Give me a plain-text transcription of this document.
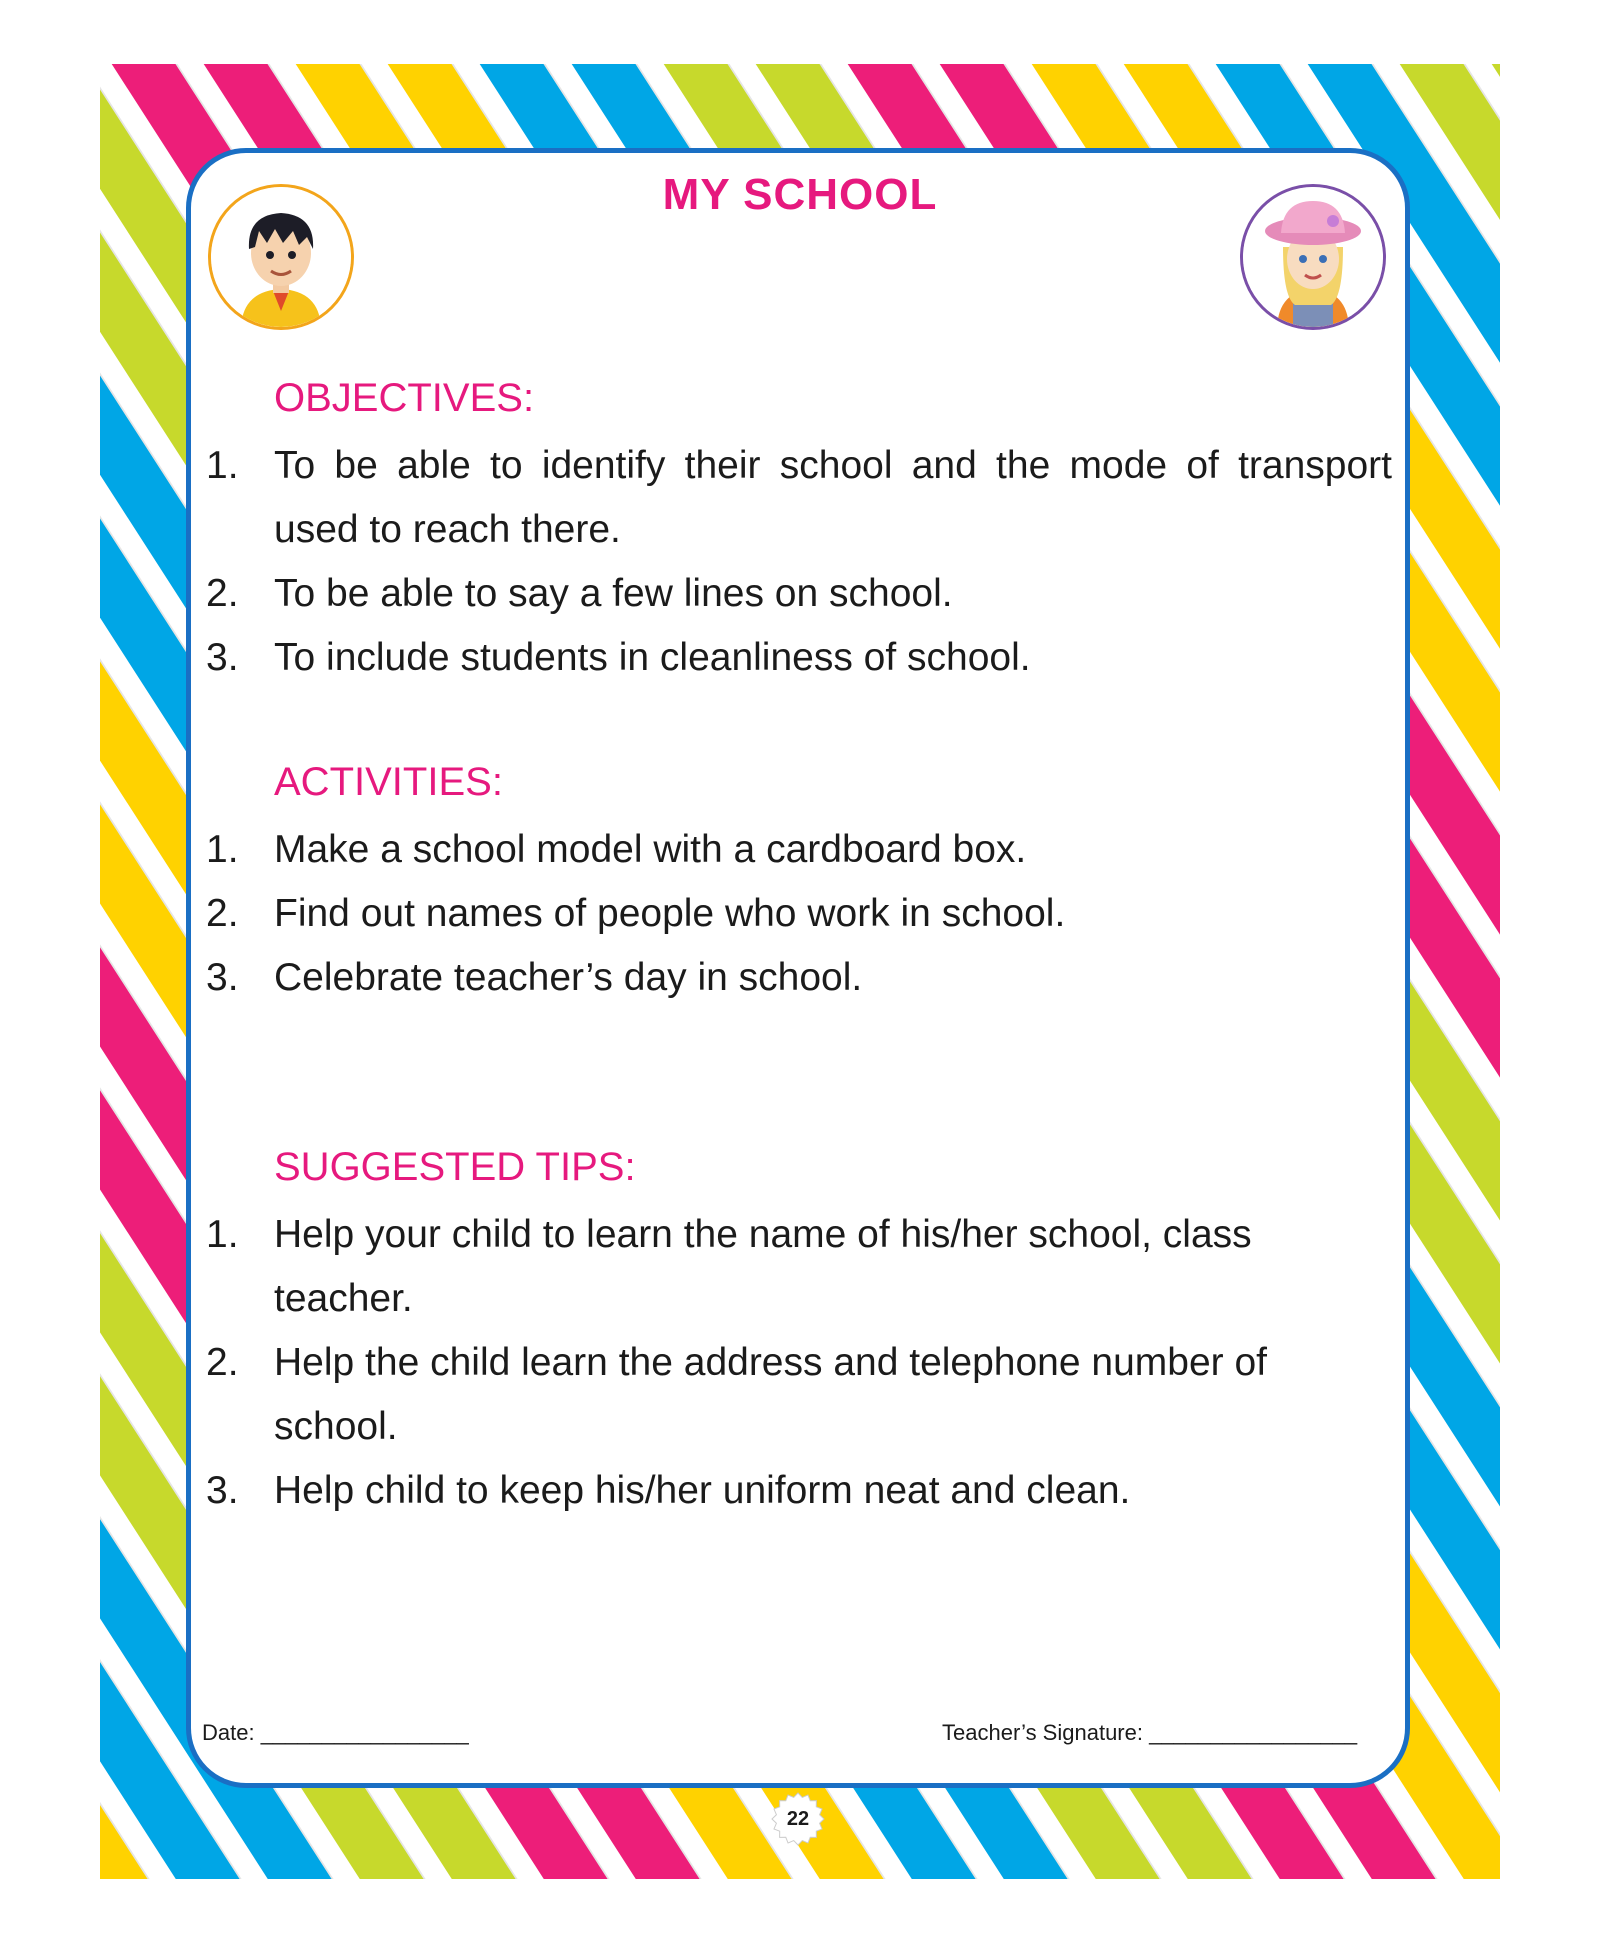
MY SCHOOL
OBJECTIVES:
1. To be able to identify their school and the mode of transport used to reach there.
2. To be able to say a few lines on school.
3. To include students in cleanliness of school.
ACTIVITIES:
1. Make a school model with a cardboard box.
2. Find out names of people who work in school.
3. Celebrate teacher’s day in school.
SUGGESTED TIPS:
1. Help your child to learn the name of his/her school, class teacher.
2. Help the child learn the address and telephone number of school.
3. Help child to keep his/her uniform neat and clean.
Date: _________________	Teacher’s Signature: _________________
22
